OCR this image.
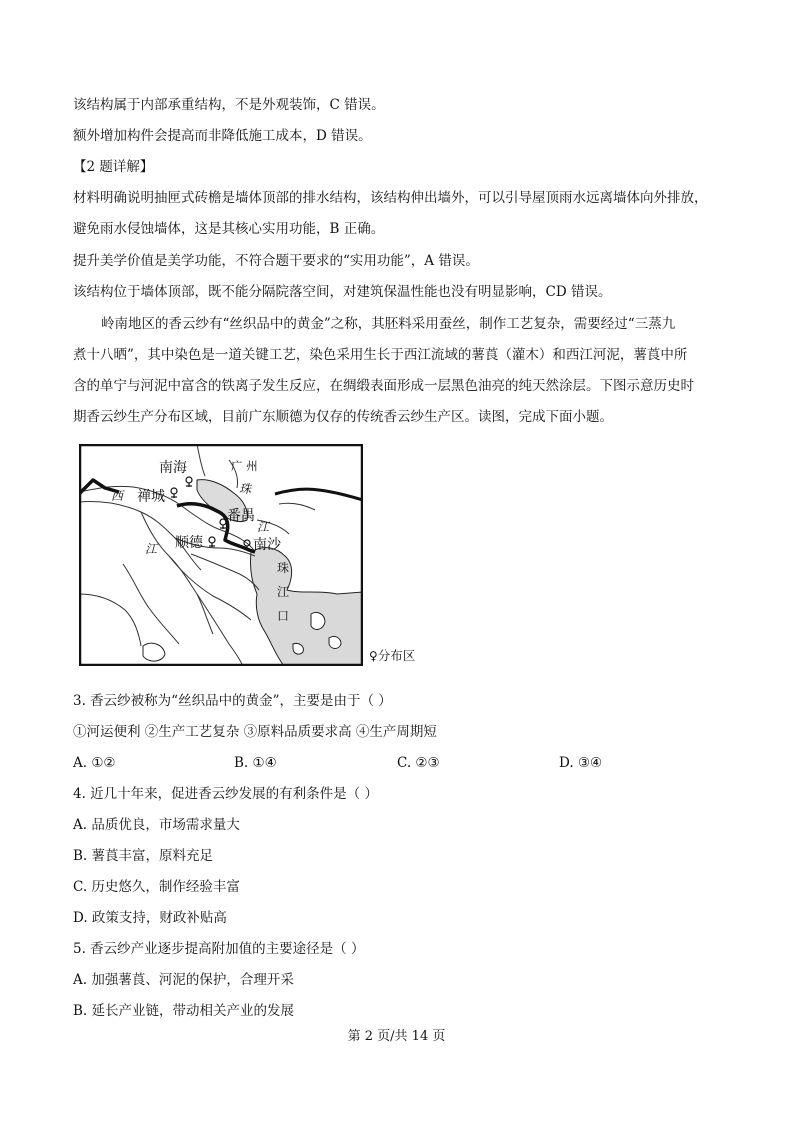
该结构属于内部承重结构，不是外观装饰，C 错误。
额外增加构件会提高而非降低施工成本，D 错误。
【2 题详解】
材料明确说明抽匣式砖檐是墙体顶部的排水结构，该结构伸出墙外，可以引导屋顶雨水远离墙体向外排放，
避免雨水侵蚀墙体，这是其核心实用功能，B 正确。
提升美学价值是美学功能，不符合题干要求的“实用功能”，A 错误。
该结构位于墙体顶部，既不能分隔院落空间，对建筑保温性能也没有明显影响，CD 错误。
岭南地区的香云纱有“丝织品中的黄金”之称，其胚料采用蚕丝，制作工艺复杂，需要经过“三蒸九
煮十八晒”，其中染色是一道关键工艺，染色采用生长于西江流域的薯莨（灌木）和西江河泥，薯莨中所
含的单宁与河泥中富含的铁离子发生反应，在绸缎表面形成一层黑色油亮的纯天然涂层。下图示意历史时
期香云纱生产分布区域，目前广东顺德为仅存的传统香云纱生产区。读图，完成下面小题。
南海	广 州
西 禅城	珠
番禺
江
江 顺德	南沙
珠
江
口
♀分布区
3. 香云纱被称为“丝织品中的黄金”，主要是由于（ ）
①河运便利 ②生产工艺复杂 ③原料品质要求高 ④生产周期短
A. ①②	B. ①④	C. ②③	D. ③④
4. 近几十年来，促进香云纱发展的有利条件是（ ）
A. 品质优良，市场需求量大
B. 薯莨丰富，原料充足
C. 历史悠久，制作经验丰富
D. 政策支持，财政补贴高
5. 香云纱产业逐步提高附加值的主要途径是（ ）
A. 加强薯莨、河泥的保护，合理开采
B. 延长产业链，带动相关产业的发展
第 2 页/共 14 页
